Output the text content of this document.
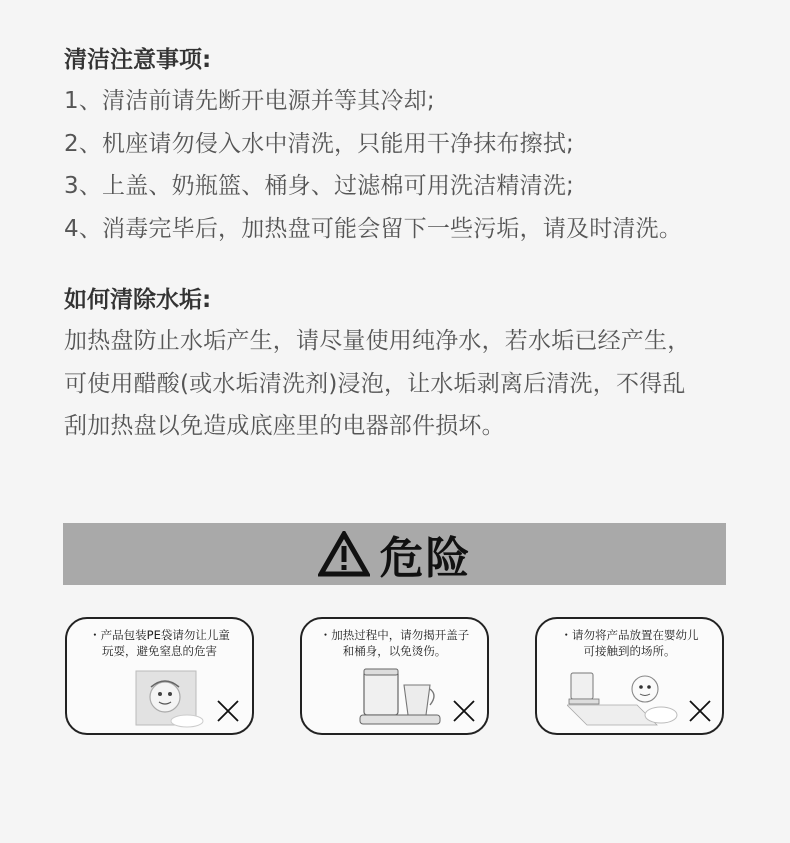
清洁注意事项:
1、清洁前请先断开电源并等其冷却;
2、机座请勿侵入水中清洗，只能用干净抹布擦拭;
3、上盖、奶瓶篮、桶身、过滤棉可用洗洁精清洗;
4、消毒完毕后，加热盘可能会留下一些污垢，请及时清洗。
如何清除水垢:
加热盘防止水垢产生，请尽量使用纯净水，若水垢已经产生，
可使用醋酸(或水垢清洗剂)浸泡，让水垢剥离后清洗，不得乱
刮加热盘以免造成底座里的电器部件损坏。
危险
・产品包装PE袋请勿让儿童
玩耍，避免窒息的危害
・加热过程中，请勿揭开盖子
和桶身，以免烫伤。
・请勿将产品放置在婴幼儿
可接触到的场所。
